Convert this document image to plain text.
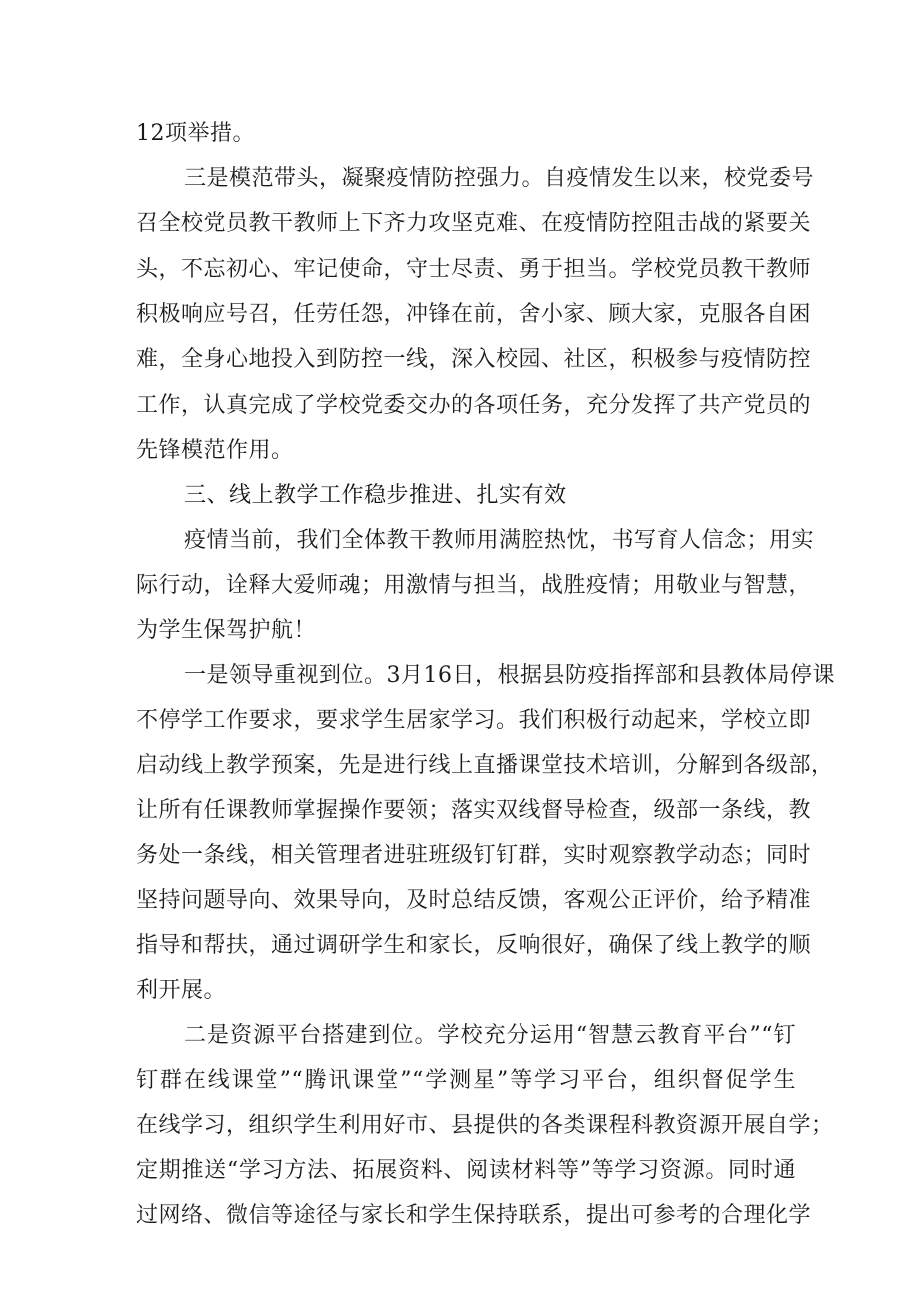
12项举措。
三是模范带头，凝聚疫情防控强力。自疫情发生以来，校党委号
召全校党员教干教师上下齐力攻坚克难、在疫情防控阻击战的紧要关
头，不忘初心、牢记使命，守士尽责、勇于担当。学校党员教干教师
积极响应号召，任劳任怨，冲锋在前，舍小家、顾大家，克服各自困
难，全身心地投入到防控一线，深入校园、社区，积极参与疫情防控
工作，认真完成了学校党委交办的各项任务，充分发挥了共产党员的
先锋模范作用。
三、线上教学工作稳步推进、扎实有效
疫情当前，我们全体教干教师用满腔热忱，书写育人信念；用实
际行动，诠释大爱师魂；用激情与担当，战胜疫情；用敬业与智慧，
为学生保驾护航！
一是领导重视到位。3月16日，根据县防疫指挥部和县教体局停课
不停学工作要求，要求学生居家学习。我们积极行动起来，学校立即
启动线上教学预案，先是进行线上直播课堂技术培训，分解到各级部，
让所有任课教师掌握操作要领；落实双线督导检查，级部一条线，教
务处一条线，相关管理者进驻班级钉钉群，实时观察教学动态；同时
坚持问题导向、效果导向，及时总结反馈，客观公正评价，给予精准
指导和帮扶，通过调研学生和家长，反响很好，确保了线上教学的顺
利开展。
二是资源平台搭建到位。学校充分运用“智慧云教育平台”“钉
钉群在线课堂”“腾讯课堂”“学测星”等学习平台，组织督促学生
在线学习，组织学生利用好市、县提供的各类课程科教资源开展自学；
定期推送“学习方法、拓展资料、阅读材料等”等学习资源。同时通
过网络、微信等途径与家长和学生保持联系，提出可参考的合理化学
